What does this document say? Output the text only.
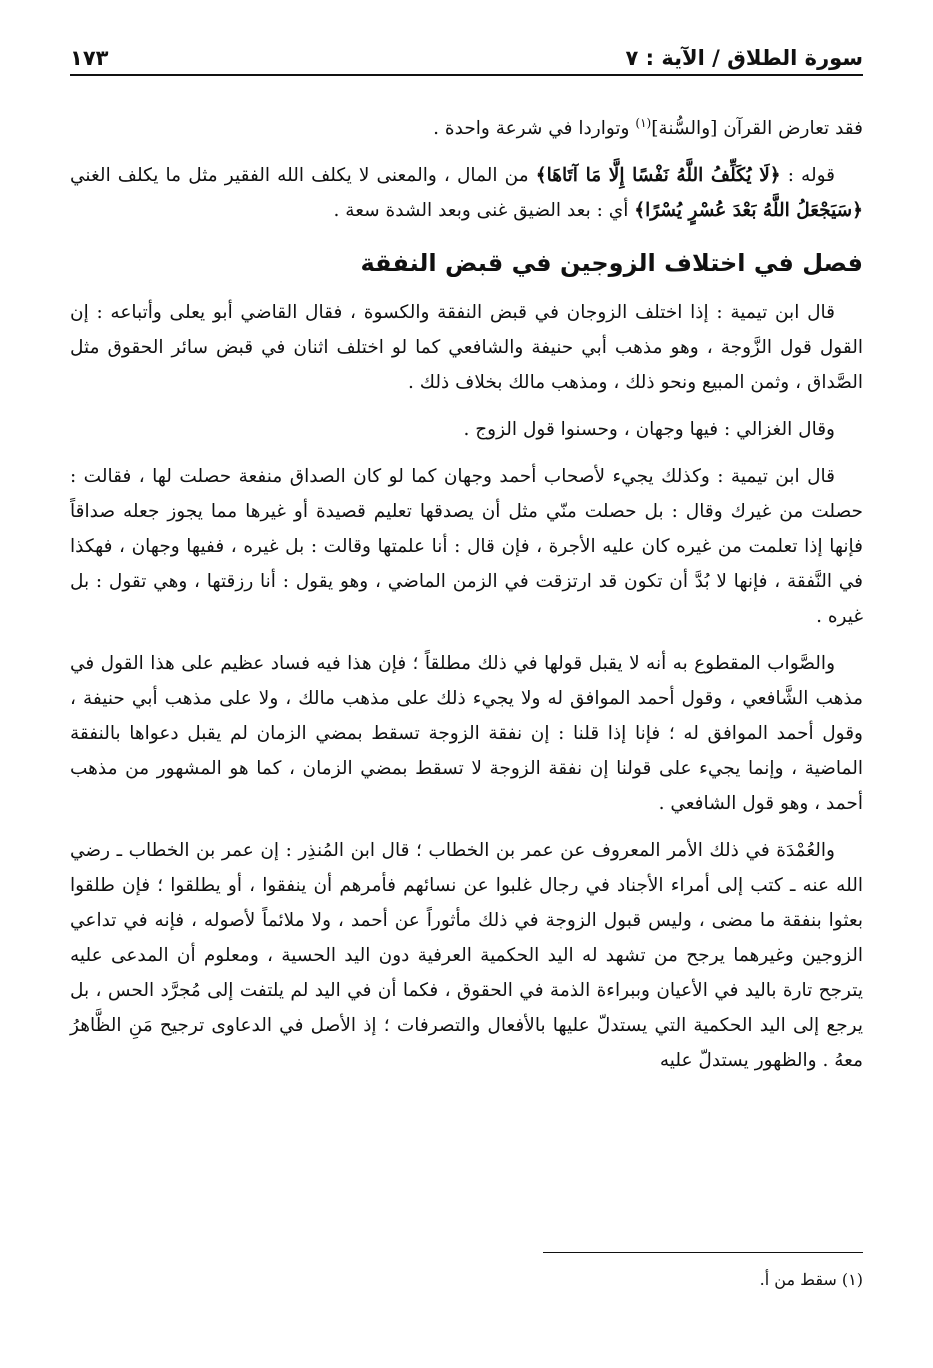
سورة الطلاق / الآية : ٧
١٧٣

فقد تعارض القرآن [والسُّنة]$^{(١)}$ وتواردا في شرعة واحدة .

قوله : ﴿لَا يُكَلِّفُ اللَّهُ نَفْسًا إِلَّا مَا آتَاهَا﴾ من المال ، والمعنى لا يكلف الله الفقير مثل ما يكلف الغني ﴿سَيَجْعَلُ اللَّهُ بَعْدَ عُسْرٍ يُسْرًا﴾ أي : بعد الضيق غنى وبعد الشدة سعة .

فصل في اختلاف الزوجين في قبض النفقة

قال ابن تيمية : إذا اختلف الزوجان في قبض النفقة والكسوة ، فقال القاضي أبو يعلى وأتباعه : إن القول قول الزَّوجة ، وهو مذهب أبي حنيفة والشافعي كما لو اختلف اثنان في قبض سائر الحقوق مثل الصَّداق ، وثمن المبيع ونحو ذلك ، ومذهب مالك بخلاف ذلك .

وقال الغزالي : فيها وجهان ، وحسنوا قول الزوج .

قال ابن تيمية : وكذلك يجيء لأصحاب أحمد وجهان كما لو كان الصداق منفعة حصلت لها ، فقالت : حصلت من غيرك وقال : بل حصلت منّي مثل أن يصدقها تعليم قصيدة أو غيرها مما يجوز جعله صداقاً فإنها إذا تعلمت من غيره كان عليه الأجرة ، فإن قال : أنا علمتها وقالت : بل غيره ، ففيها وجهان ، فهكذا في النَّفقة ، فإنها لا بُدَّ أن تكون قد ارتزقت في الزمن الماضي ، وهو يقول : أنا رزقتها ، وهي تقول : بل غيره .

والصَّواب المقطوع به أنه لا يقبل قولها في ذلك مطلقاً ؛ فإن هذا فيه فساد عظيم على هذا القول في مذهب الشَّافعي ، وقول أحمد الموافق له ولا يجيء ذلك على مذهب مالك ، ولا على مذهب أبي حنيفة ، وقول أحمد الموافق له ؛ فإنا إذا قلنا : إن نفقة الزوجة تسقط بمضي الزمان لم يقبل دعواها بالنفقة الماضية ، وإنما يجيء على قولنا إن نفقة الزوجة لا تسقط بمضي الزمان ، كما هو المشهور من مذهب أحمد ، وهو قول الشافعي .

والعُمْدَة في ذلك الأمر المعروف عن عمر بن الخطاب ؛ قال ابن المُنذِر : إن عمر بن الخطاب ـ رضي الله عنه ـ كتب إلى أمراء الأجناد في رجال غلبوا عن نسائهم فأمرهم أن ينفقوا ، أو يطلقوا ؛ فإن طلقوا بعثوا بنفقة ما مضى ، وليس قبول الزوجة في ذلك مأثوراً عن أحمد ، ولا ملائماً لأصوله ، فإنه في تداعي الزوجين وغيرهما يرجح من تشهد له اليد الحكمية العرفية دون اليد الحسية ، ومعلوم أن المدعى عليه يترجح تارة باليد في الأعيان وببراءة الذمة في الحقوق ، فكما أن في اليد لم يلتفت إلى مُجرَّد الحس ، بل يرجع إلى اليد الحكمية التي يستدلّ عليها بالأفعال والتصرفات ؛ إذ الأصل في الدعاوى ترجيح مَنِ الظَّاهرُ معهُ . والظهور يستدلّ عليه

(١) سقط من أ.
